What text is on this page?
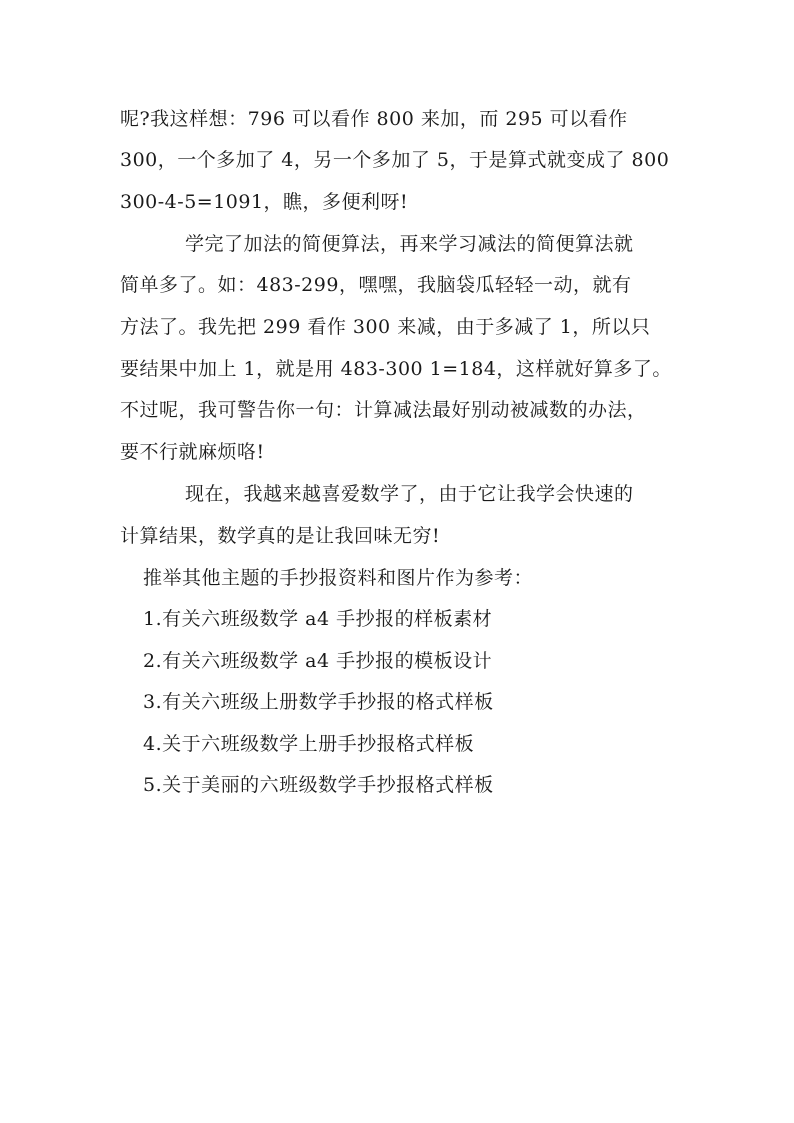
呢?我这样想：796 可以看作 800 来加，而 295 可以看作
300，一个多加了 4，另一个多加了 5，于是算式就变成了 800
300-4-5=1091，瞧，多便利呀!
学完了加法的简便算法，再来学习减法的简便算法就
简单多了。如：483-299，嘿嘿，我脑袋瓜轻轻一动，就有
方法了。我先把 299 看作 300 来减，由于多减了 1，所以只
要结果中加上 1，就是用 483-300 1=184，这样就好算多了。
不过呢，我可警告你一句：计算减法最好别动被减数的办法，
要不行就麻烦咯!
现在，我越来越喜爱数学了，由于它让我学会快速的
计算结果，数学真的是让我回味无穷!
推举其他主题的手抄报资料和图片作为参考：
1.有关六班级数学 a4 手抄报的样板素材
2.有关六班级数学 a4 手抄报的模板设计
3.有关六班级上册数学手抄报的格式样板
4.关于六班级数学上册手抄报格式样板
5.关于美丽的六班级数学手抄报格式样板
